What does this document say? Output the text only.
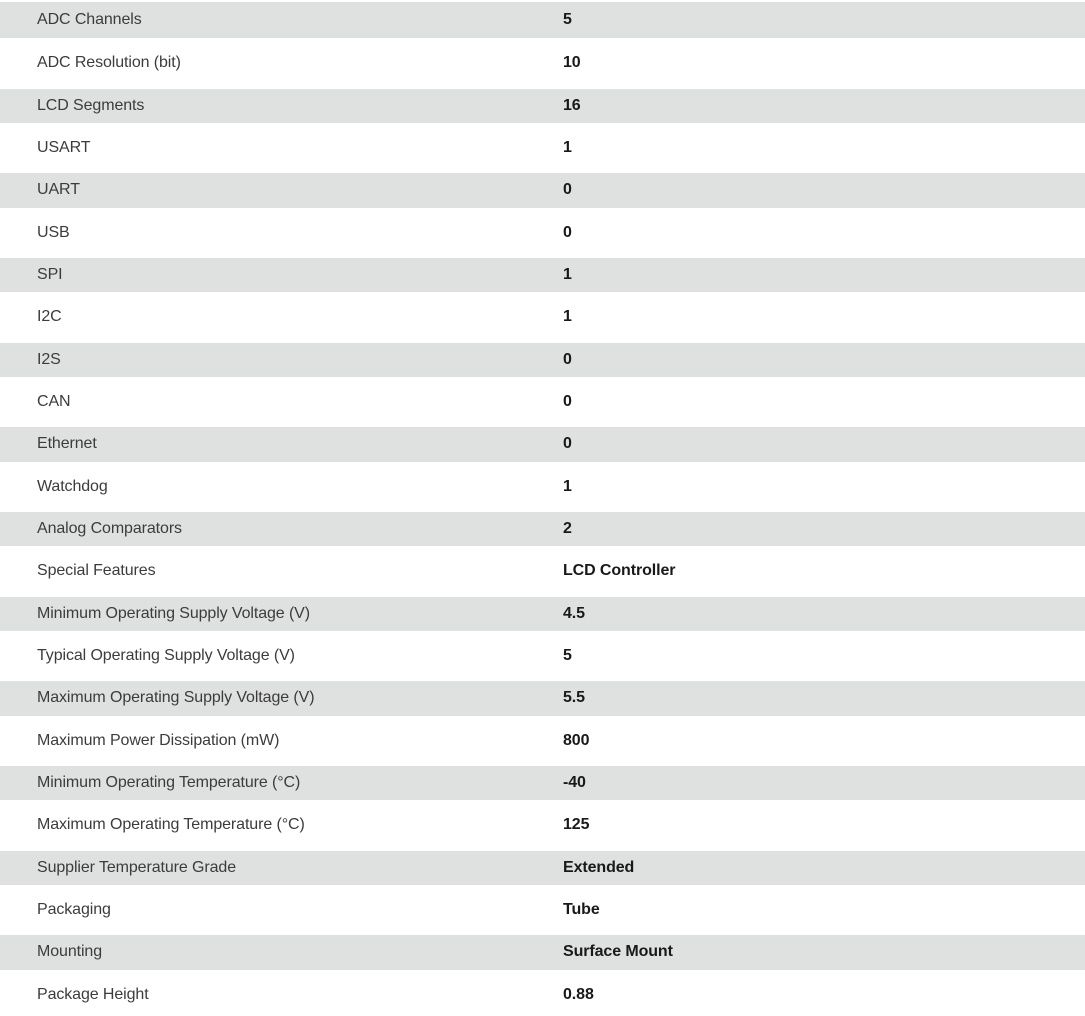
ADC Channels	5
ADC Resolution (bit)	10
LCD Segments	16
USART	1
UART	0
USB	0
SPI	1
I2C	1
I2S	0
CAN	0
Ethernet	0
Watchdog	1
Analog Comparators	2
Special Features	LCD Controller
Minimum Operating Supply Voltage (V)	4.5
Typical Operating Supply Voltage (V)	5
Maximum Operating Supply Voltage (V)	5.5
Maximum Power Dissipation (mW)	800
Minimum Operating Temperature (°C)	-40
Maximum Operating Temperature (°C)	125
Supplier Temperature Grade	Extended
Packaging	Tube
Mounting	Surface Mount
Package Height	0.88
